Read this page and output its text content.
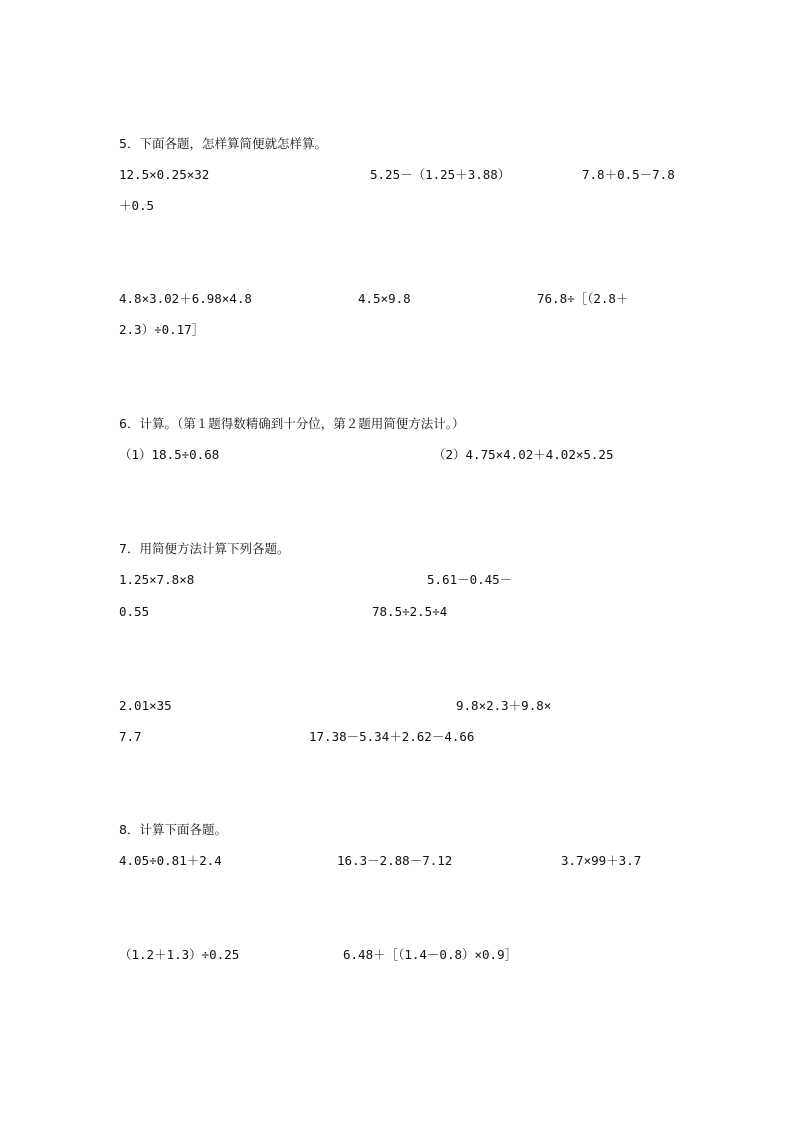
5．下面各题，怎样算简便就怎样算。
12.5×0.25×32	5.25－（1.25＋3.88）	7.8＋0.5－7.8
＋0.5
4.8×3.02＋6.98×4.8	4.5×9.8	76.8÷［（2.8＋
2.3）÷0.17］
6．计算。（第１题得数精确到十分位，第２题用简便方法计。）
（1）18.5÷0.68	（2）4.75×4.02＋4.02×5.25
7．用简便方法计算下列各题。
1.25×7.8×8	5.61－0.45－
0.55	78.5÷2.5÷4
2.01×35	9.8×2.3＋9.8×
7.7	17.38－5.34＋2.62－4.66
8．计算下面各题。
4.05÷0.81＋2.4	16.3－2.88－7.12	3.7×99＋3.7
（1.2＋1.3）÷0.25	6.48＋［（1.4－0.8）×0.9］
